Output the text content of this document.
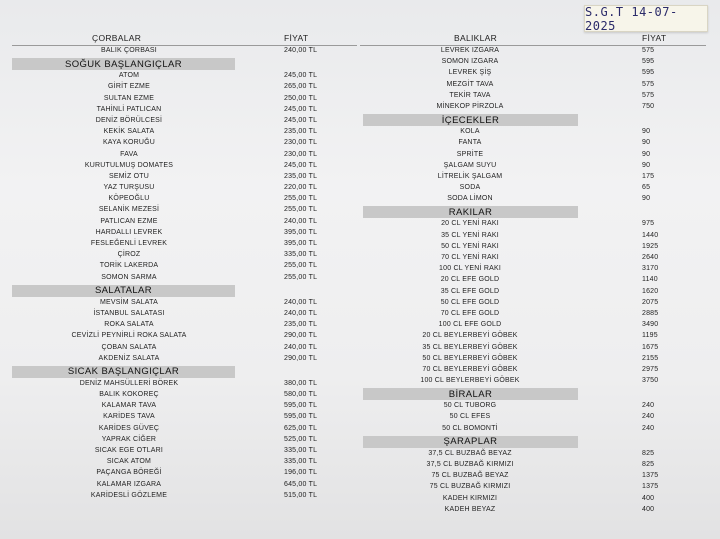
S.G.T 14-07-2025
ÇORBALAR	FİYAT
BALIK ÇORBASI	240,00 TL
SOĞUK BAŞLANGIÇLAR
ATOM	245,00 TL
GİRİT EZME	265,00 TL
SULTAN EZME	250,00 TL
TAHİNLİ PATLICAN	245,00 TL
DENİZ BÖRÜLCESİ	245,00 TL
KEKİK SALATA	235,00 TL
KAYA KORUĞU	230,00 TL
FAVA	230,00 TL
KURUTULMUŞ DOMATES	245,00 TL
SEMİZ OTU	235,00 TL
YAZ TURŞUSU	220,00 TL
KÖPEOĞLU	255,00 TL
SELANİK MEZESİ	255,00 TL
PATLICAN EZME	240,00 TL
HARDALLI LEVREK	395,00 TL
FESLEĞENLİ LEVREK	395,00 TL
ÇİROZ	335,00 TL
TORİK LAKERDA	255,00 TL
SOMON SARMA	255,00 TL
SALATALAR
MEVSİM SALATA	240,00 TL
İSTANBUL SALATASI	240,00 TL
ROKA SALATA	235,00 TL
CEVİZLİ PEYNİRLİ ROKA SALATA	290,00 TL
ÇOBAN SALATA	240,00 TL
AKDENİZ SALATA	290,00 TL
SICAK BAŞLANGIÇLAR
DENİZ MAHSÜLLERİ BÖREK	380,00 TL
BALIK KOKOREÇ	580,00 TL
KALAMAR TAVA	595,00 TL
KARİDES TAVA	595,00 TL
KARİDES GÜVEÇ	625,00 TL
YAPRAK CİĞER	525,00 TL
SICAK EGE OTLARI	335,00 TL
SICAK ATOM	335,00 TL
PAÇANGA BÖREĞİ	196,00 TL
KALAMAR IZGARA	645,00 TL
KARİDESLİ GÖZLEME	515,00 TL
BALIKLAR	FİYAT
LEVREK IZGARA	575
SOMON IZGARA	595
LEVREK ŞİŞ	595
MEZGİT TAVA	575
TEKİR TAVA	575
MİNEKOP PİRZOLA	750
İÇECEKLER
KOLA	90
FANTA	90
SPRİTE	90
ŞALGAM SUYU	90
LİTRELİK ŞALGAM	175
SODA	65
SODA LİMON	90
RAKILAR
20 CL YENİ RAKI	975
35 CL YENİ RAKI	1440
50 CL YENİ RAKI	1925
70 CL YENİ RAKI	2640
100 CL YENİ RAKI	3170
20 CL EFE GOLD	1140
35 CL EFE GOLD	1620
50 CL EFE GOLD	2075
70 CL EFE GOLD	2885
100 CL EFE GOLD	3490
20 CL BEYLERBEYİ GÖBEK	1195
35 CL BEYLERBEYİ GÖBEK	1675
50 CL BEYLERBEYİ GÖBEK	2155
70 CL BEYLERBEYİ GÖBEK	2975
100 CL BEYLERBEYİ GÖBEK	3750
BİRALAR
50 CL TUBORG	240
50 CL EFES	240
50 CL BOMONTİ	240
ŞARAPLAR
37,5 CL BUZBAĞ BEYAZ	825
37,5 CL BUZBAĞ KIRMIZI	825
75 CL BUZBAĞ BEYAZ	1375
75 CL BUZBAĞ KIRMIZI	1375
KADEH KIRMIZI	400
KADEH BEYAZ	400
